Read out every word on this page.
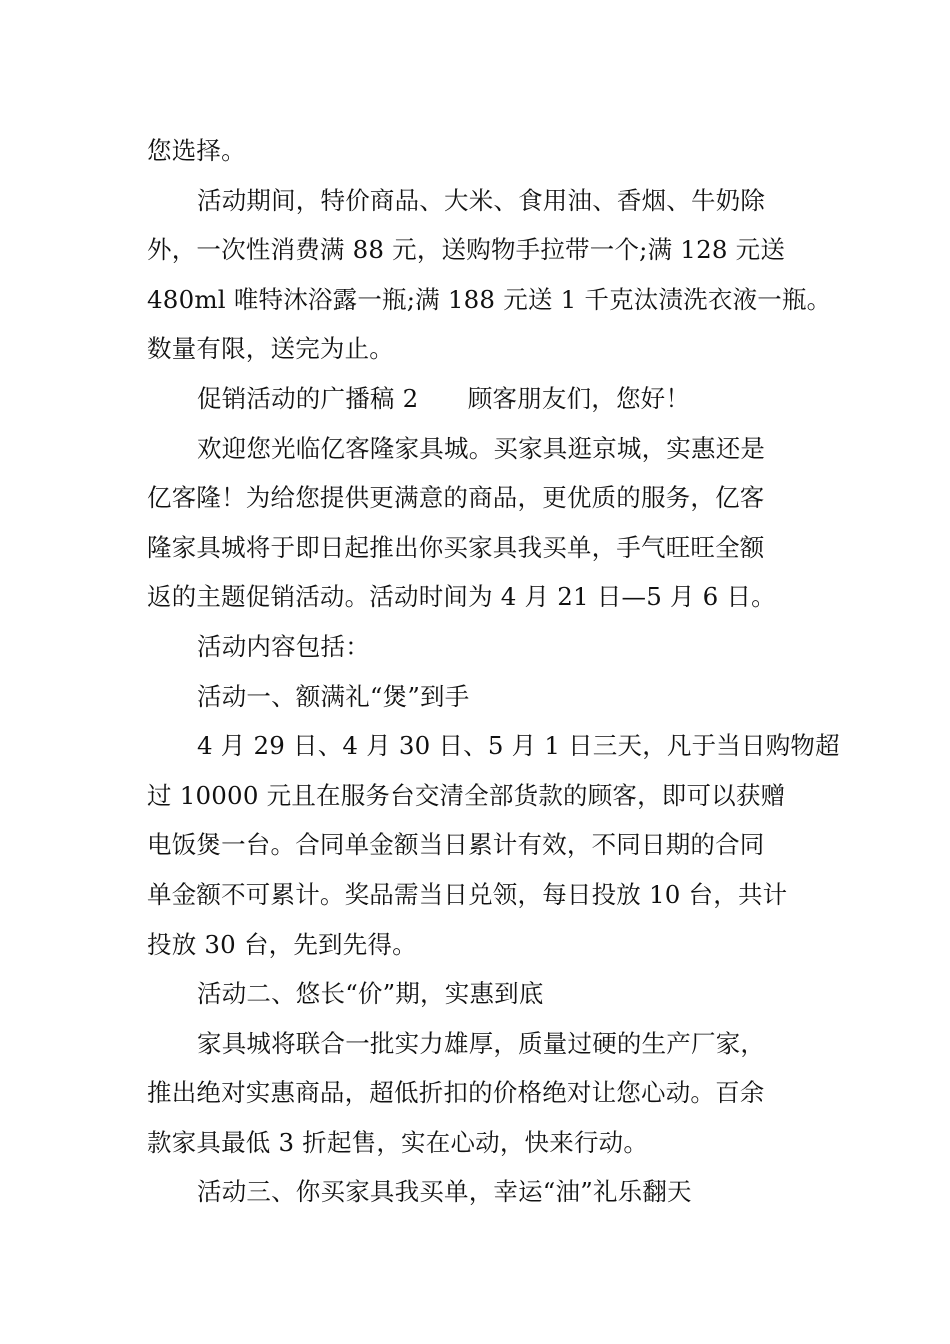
您选择。
活动期间，特价商品、大米、食用油、香烟、牛奶除
外，一次性消费满 88 元，送购物手拉带一个;满 128 元送
480ml 唯特沐浴露一瓶;满 188 元送 1 千克汰渍洗衣液一瓶。
数量有限，送完为止。
促销活动的广播稿 2　　顾客朋友们，您好！
欢迎您光临亿客隆家具城。买家具逛京城，实惠还是
亿客隆！为给您提供更满意的商品，更优质的服务，亿客
隆家具城将于即日起推出你买家具我买单，手气旺旺全额
返的主题促销活动。活动时间为 4 月 21 日—5 月 6 日。
活动内容包括：
活动一、额满礼“煲”到手
4 月 29 日、4 月 30 日、5 月 1 日三天，凡于当日购物超
过 10000 元且在服务台交清全部货款的顾客，即可以获赠
电饭煲一台。合同单金额当日累计有效，不同日期的合同
单金额不可累计。奖品需当日兑领，每日投放 10 台，共计
投放 30 台，先到先得。
活动二、悠长“价”期，实惠到底
家具城将联合一批实力雄厚，质量过硬的生产厂家，
推出绝对实惠商品，超低折扣的价格绝对让您心动。百余
款家具最低 3 折起售，实在心动，快来行动。
活动三、你买家具我买单，幸运“油”礼乐翻天
